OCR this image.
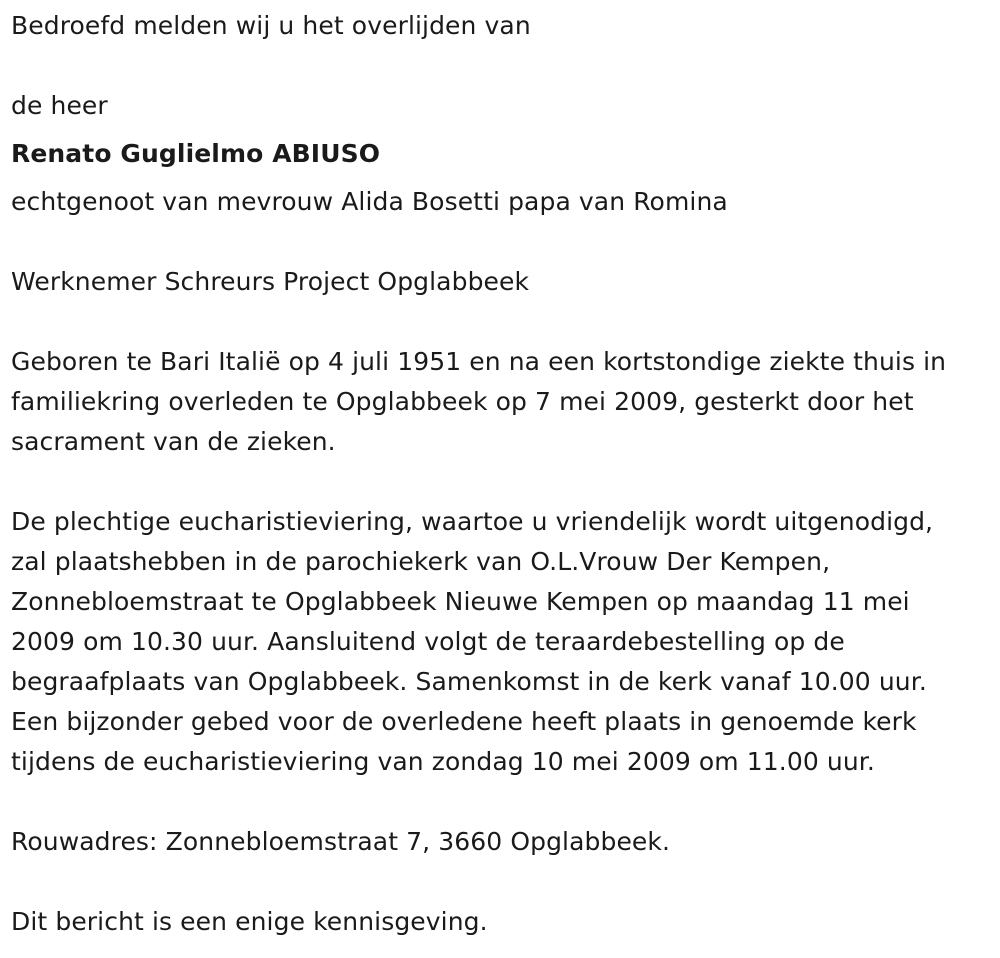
Bedroefd melden wij u het overlijden van
de heer
Renato Guglielmo ABIUSO
echtgenoot van mevrouw Alida Bosetti papa van Romina
Werknemer Schreurs Project Opglabbeek
Geboren te Bari Italië op 4 juli 1951 en na een kortstondige ziekte thuis in
familiekring overleden te Opglabbeek op 7 mei 2009, gesterkt door het
sacrament van de zieken.
De plechtige eucharistieviering, waartoe u vriendelijk wordt uitgenodigd,
zal plaatshebben in de parochiekerk van O.L.Vrouw Der Kempen,
Zonnebloemstraat te Opglabbeek Nieuwe Kempen op maandag 11 mei
2009 om 10.30 uur. Aansluitend volgt de teraardebestelling op de
begraafplaats van Opglabbeek. Samenkomst in de kerk vanaf 10.00 uur.
Een bijzonder gebed voor de overledene heeft plaats in genoemde kerk
tijdens de eucharistieviering van zondag 10 mei 2009 om 11.00 uur.
Rouwadres: Zonnebloemstraat 7, 3660 Opglabbeek.
Dit bericht is een enige kennisgeving.
